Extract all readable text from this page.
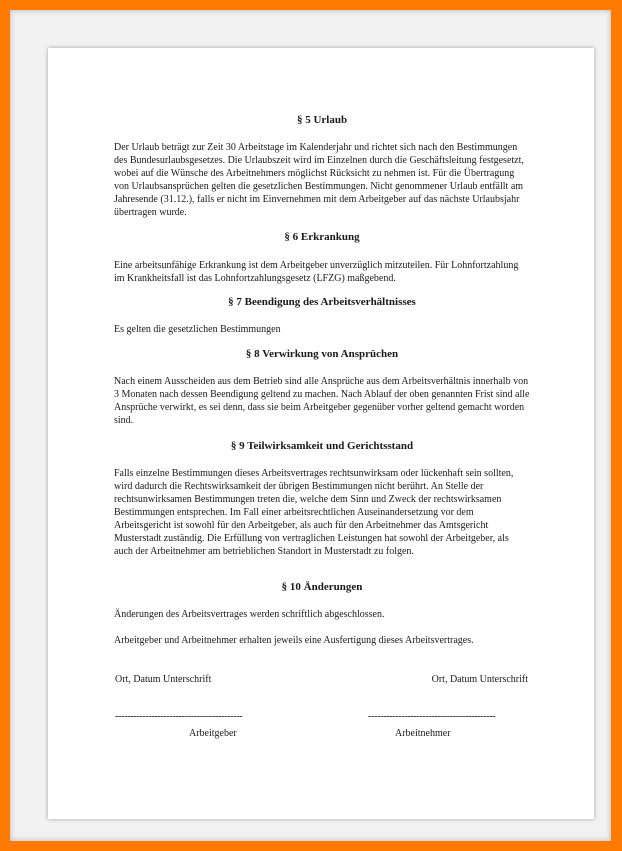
§ 5 Urlaub

Der Urlaub beträgt zur Zeit 30 Arbeitstage im Kalenderjahr und richtet sich nach den Bestimmungen des Bundesurlaubsgesetzes. Die Urlaubszeit wird im Einzelnen durch die Geschäftsleitung festgesetzt, wobei auf die Wünsche des Arbeitnehmers möglichst Rücksicht zu nehmen ist. Für die Übertragung von Urlaubsansprüchen gelten die gesetzlichen Bestimmungen. Nicht genommener Urlaub entfällt am Jahresende (31.12.), falls er nicht im Einvernehmen mit dem Arbeitgeber auf das nächste Urlaubsjahr übertragen wurde.

§ 6 Erkrankung

Eine arbeitsunfähige Erkrankung ist dem Arbeitgeber unverzüglich mitzuteilen. Für Lohnfortzahlung im Krankheitsfall ist das Lohnfortzahlungsgesetz (LFZG) maßgebend.

§ 7 Beendigung des Arbeitsverhältnisses

Es gelten die gesetzlichen Bestimmungen

§ 8 Verwirkung von Ansprüchen

Nach einem Ausscheiden aus dem Betrieb sind alle Ansprüche aus dem Arbeitsverhältnis innerhalb von 3 Monaten nach dessen Beendigung geltend zu machen. Nach Ablauf der oben genannten Frist sind alle Ansprüche verwirkt, es sei denn, dass sie beim Arbeitgeber gegenüber vorher geltend gemacht worden sind.

§ 9 Teilwirksamkeit und Gerichtsstand

Falls einzelne Bestimmungen dieses Arbeitsvertrages rechtsunwirksam oder lückenhaft sein sollten, wird dadurch die Rechtswirksamkeit der übrigen Bestimmungen nicht berührt. An Stelle der rechtsunwirksamen Bestimmungen treten die, welche dem Sinn und Zweck der rechtswirksamen Bestimmungen entsprechen. Im Fall einer arbeitsrechtlichen Auseinandersetzung vor dem Arbeitsgericht ist sowohl für den Arbeitgeber, als auch für den Arbeitnehmer das Amtsgericht Musterstadt zuständig. Die Erfüllung von vertraglichen Leistungen hat sowohl der Arbeitgeber, als auch der Arbeitnehmer am betrieblichen Standort in Musterstadt zu folgen.

§ 10 Änderungen

Änderungen des Arbeitsvertrages werden schriftlich abgeschlossen.

Arbeitgeber und Arbeitnehmer erhalten jeweils eine Ausfertigung dieses Arbeitsvertrages.

Ort, Datum Unterschrift	Ort, Datum Unterschrift
------------------------------------------	------------------------------------------
Arbeitgeber	Arbeitnehmer
